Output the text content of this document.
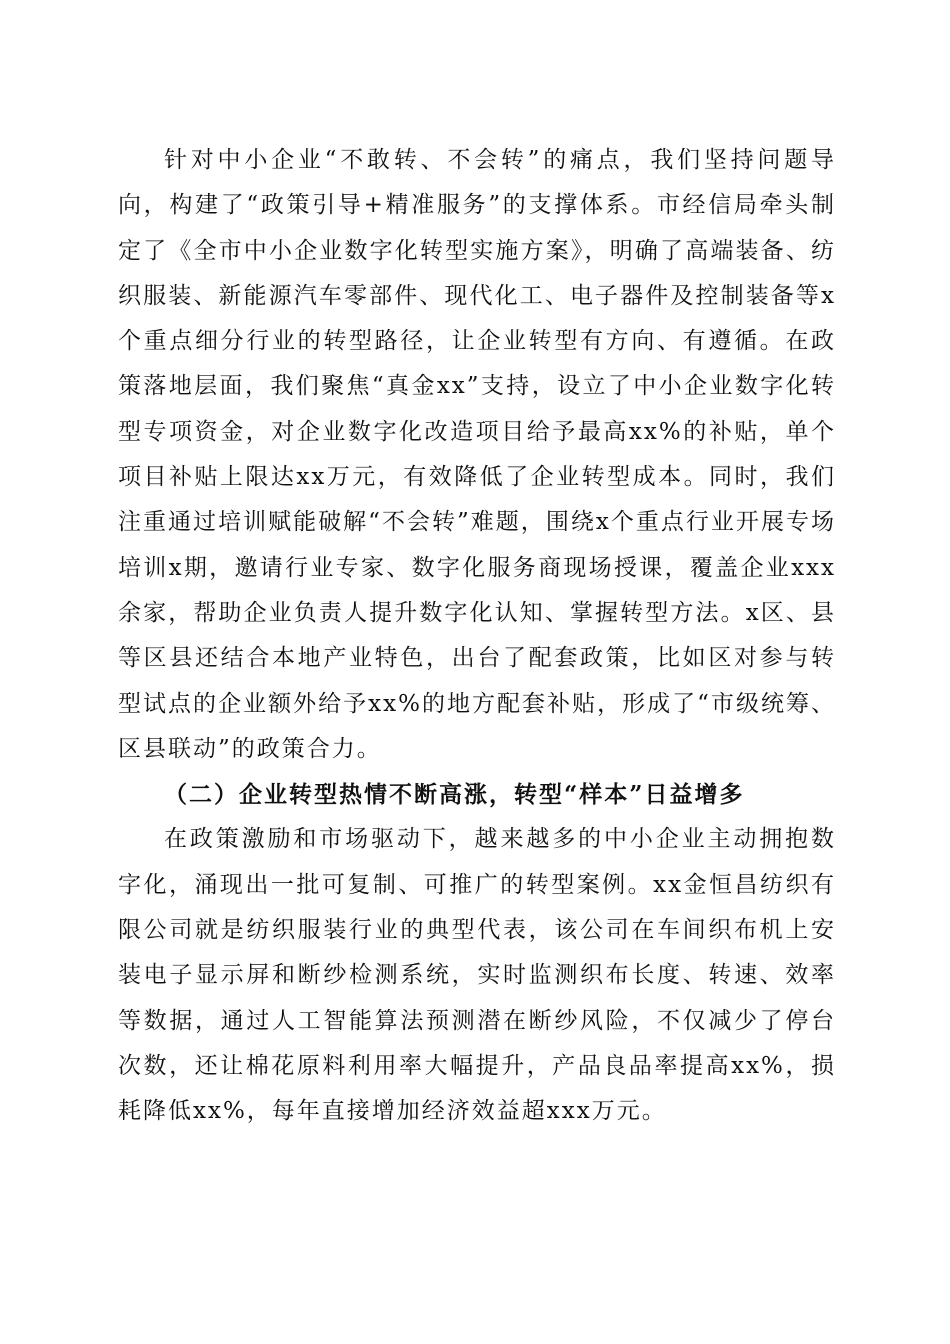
针对中小企业“不敢转、不会转”的痛点，我们坚持问题导向，构建了“政策引导+精准服务”的支撑体系。市经信局牵头制定了《全市中小企业数字化转型实施方案》，明确了高端装备、纺织服装、新能源汽车零部件、现代化工、电子器件及控制装备等x个重点细分行业的转型路径，让企业转型有方向、有遵循。在政策落地层面，我们聚焦“真金xx”支持，设立了中小企业数字化转型专项资金，对企业数字化改造项目给予最高xx%的补贴，单个项目补贴上限达xx万元，有效降低了企业转型成本。同时，我们注重通过培训赋能破解“不会转”难题，围绕x个重点行业开展专场培训x期，邀请行业专家、数字化服务商现场授课，覆盖企业xxx余家，帮助企业负责人提升数字化认知、掌握转型方法。x区、县等区县还结合本地产业特色，出台了配套政策，比如区对参与转型试点的企业额外给予xx%的地方配套补贴，形成了“市级统筹、区县联动”的政策合力。

（二）企业转型热情不断高涨，转型“样本”日益增多

在政策激励和市场驱动下，越来越多的中小企业主动拥抱数字化，涌现出一批可复制、可推广的转型案例。xx金恒昌纺织有限公司就是纺织服装行业的典型代表，该公司在车间织布机上安装电子显示屏和断纱检测系统，实时监测织布长度、转速、效率等数据，通过人工智能算法预测潜在断纱风险，不仅减少了停台次数，还让棉花原料利用率大幅提升，产品良品率提高xx%，损耗降低xx%，每年直接增加经济效益超xxx万元。
